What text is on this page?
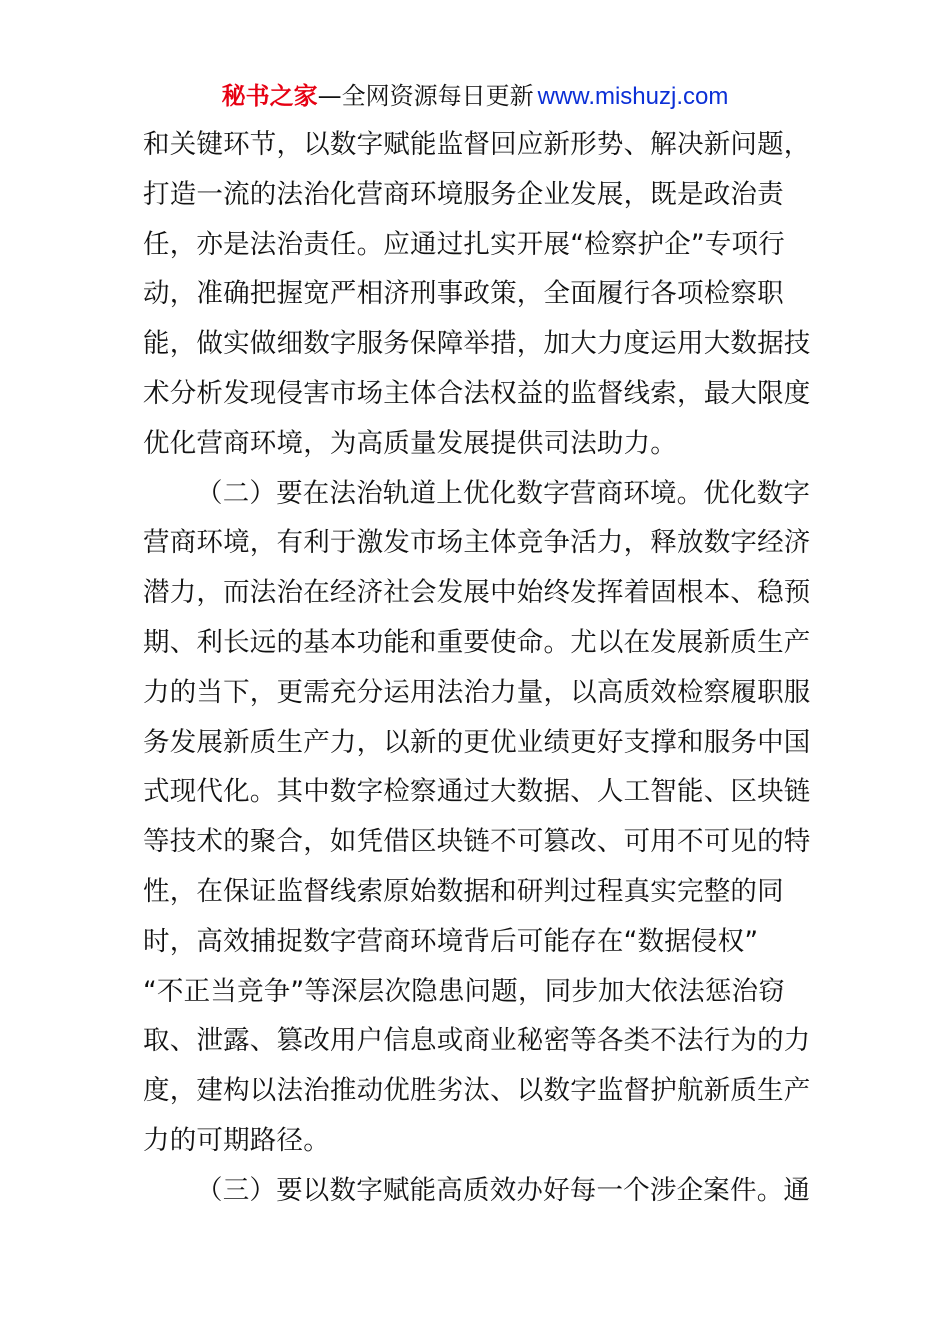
秘书之家—全网资源每日更新 www.mishuzj.com
和关键环节，以数字赋能监督回应新形势、解决新问题，
打造一流的法治化营商环境服务企业发展，既是政治责
任，亦是法治责任。应通过扎实开展“检察护企”专项行
动，准确把握宽严相济刑事政策，全面履行各项检察职
能，做实做细数字服务保障举措，加大力度运用大数据技
术分析发现侵害市场主体合法权益的监督线索，最大限度
优化营商环境，为高质量发展提供司法助力。
（二）要在法治轨道上优化数字营商环境。优化数字
营商环境，有利于激发市场主体竞争活力，释放数字经济
潜力，而法治在经济社会发展中始终发挥着固根本、稳预
期、利长远的基本功能和重要使命。尤以在发展新质生产
力的当下，更需充分运用法治力量，以高质效检察履职服
务发展新质生产力，以新的更优业绩更好支撑和服务中国
式现代化。其中数字检察通过大数据、人工智能、区块链
等技术的聚合，如凭借区块链不可篡改、可用不可见的特
性，在保证监督线索原始数据和研判过程真实完整的同
时，高效捕捉数字营商环境背后可能存在“数据侵权”
“不正当竞争”等深层次隐患问题，同步加大依法惩治窃
取、泄露、篡改用户信息或商业秘密等各类不法行为的力
度，建构以法治推动优胜劣汰、以数字监督护航新质生产
力的可期路径。
（三）要以数字赋能高质效办好每一个涉企案件。通
